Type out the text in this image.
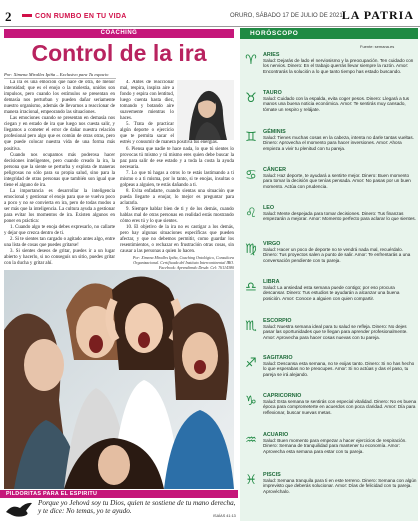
2	CON RUMBO EN TU VIDA	ORURO, SÁBADO 17 DE JULIO DE 2021 LA PATRIA
COACHING
Control de la ira
Por: Ximena Miralles Ipiña – Exclusivo para Tu espacio

La ira es una emoción que nace de otra, de menor intensidad; que es el enojo o la molestia, unidos son impulsos, pero cuando los estímulos se presentan en demasía nos perturban y pueden dañar seriamente nuestro organismo, además de llevarnos a reaccionar de manera irracional, empeorando las situaciones.

Las emociones cuando se presentan en demasía nos ciegan y en estado de ira que luego nos cuesta salir, y llegamos a cometer el error de dañar nuestra relación profesional pero algo que es común de otras otras, pero que puede colocar nuestra vida de una forma más positiva.

Cuando nos ocupamos más poderosa hacer decisiones inteligentes, pero cuando creado la ira, la persona que la siente se perturba y explota de maneras peligrosas no sólo para su propia salud, sino para la integridad de otras personas que también son igual que tiene el alguno de ira.

La importancia es desarrollar la inteligencia emocional y gestionar el enojo para que se vuelva poco a poco y no se convierta en ira, pero de todas modos a ser más que la inteligencia. La cultura ayuda a gestionar para evitar los momentos de ira. Existen algunos en poner en práctica:

1. Cuando algo te enoja debes expresarlo, no callarte y dejar que crezca dentro de ti.

2. Si te sientes tan cargado o agitado antes algo, entre una lista de cosas que puedes gritarse!

3. Si sientes deseos de gritar, puedes ir a un lugar abierto y hacerlo, si no conseguís un sitio, puedes gritar con la ducha y gritar ahí.

4. Antes de reaccionar mal, respira, inspira aire a fondo y espira con lentitud, luego cuenta hasta diez, tomando y botando aire suavemente mientras lo haces.

5. Trata de practicar algún deporte o ejercicio que te permita sacar el estrés y consumir de manera positiva tus energías.

6. Piensa que nadie te hace nada, lo que tú sientes lo provocas tú mismo y tú mismo eres quien debe buscar la paz para salir de ese estado y a toda la costa la ayuda necesaria.

7. Lo que tú hagas a otros lo te estás lastimando a ti mismo o a ti misma, por lo tanto, si te enojas, insultas o golpeas a alguien, te estás dañando a ti.

8. Evita enfadarte, cuando sientas una situación que pueda llegarte a enojar, lo mejor es preguntar para aclararla.

9. Siempre hablar bien de ti y de los demás, cuando hablas mal de otras personas en realidad estás mostrando cómo eres tú y lo que sientes.

10. El objetivo de la ira no es castigar a los demás, pero hay algunas situaciones específicas que pueden afectar, y que no debemos permitir, como guardar los resentimientos, o rechazar en frustración otras cosas, sin causar a las personas a quien lo hacen.

Por: Ximena Miralles Ipiña, Coaching Ontológico, Consultora Organizacional. Certificada del Instituto Intercontinental IBO. Facebook: Aprendiendo Desde. Cel: 76114380
PILDORITAS PARA EL ESPIRITU
Porque yo Jehová soy tu Dios, quien te sostiene de tu mano derecha, y te dice: No temas, yo te ayudo.
ISAÍAS 41:13
HORÓSCOPO
Fuente: semana.es
♈	ARIES
Salud: Dejarás de lado el nerviosismo y la preocupación. Ten cuidado con los nervios. Dinero: En el trabajo querrás llevar siempre la razón. Amor: Encontrarás la solución a lo que tanto tiempo has estado buscando.
♉	TAURO
Salud: Cuidado con la espalda, evita coger pesos. Dinero: Llegará a tus manos una buena noticia económica. Amor: Te sentirás muy cansado, tómate un respiro y relájate.
♊	GÉMINIS
Salud: Tienes muchas cosas en la cabeza, intenta no darle tantas vueltas. Dinero: Aprovecha el momento para hacer inversiones. Amor: Ahora empieza a vivir tu plenitud con tu pareja.
♋	CÁNCER
Salud: Haz deporte, te ayudará a sentirte mejor. Dinero: Buen momento para tomar la decisión que tenías pensada. Amor: No pasas por un buen momento. Actúa con prudencia.
♌	LEO
Salud: Mente despejada para tomar decisiones. Dinero: Tus finanzas empezarán a mejorar. Amor: Momento perfecto para aclarar lo que sientes.
♍	VIRGO
Salud: Hacer un poco de deporte no te vendrá nada mal, recuérdalo. Dinero: Tus proyectos salen a punto de salir. Amor: Te enfrentarás a una conversación pendiente con tu pareja.
♎	LIBRA
Salud: La ansiedad esta semana puede contigo; por eso procura descansar. Dinero: Tus estudios te ayudarán a alcanzar una buena posición. Amor: Conoce a alguien con quien compartir.
♏	ESCORPIO
Salud: Nuestra semana ideal para tu salud se refleja. Dinero: No dejes pasar las oportunidades que te llegan para aprender profesionalmente. Amor: Aprovecha para hacer cosas nuevas con tu pareja.
♐	SAGITARIO
Salud: Descansa esta semana, no te exijas tanto. Dinero: Si no has hecho lo que esperabas no te preocupes. Amor: Si no actúas y das el paso, tu pareja se irá alejando.
♑	CAPRICORNIO
Salud: Esta semana te sentirás con especial vitalidad. Dinero: No es buena época para comprometerte en acuerdos con poca claridad. Amor: Día para reflexionar, buscar nuevas metas.
♒	ACUARIO
Salud: Buen momento para empezar a hacer ejercicios de respiración. Dinero: Semana de tranquilidad para mantener tu economía. Amor: Aprovecha esta semana para estar con tu pareja.
♓	PISCIS
Salud: Semana tranquila para ti en este terreno. Dinero: Semana con algún imprevisto que deberás solucionar. Amor: Días de felicidad con tu pareja. Aprovéchalo.
